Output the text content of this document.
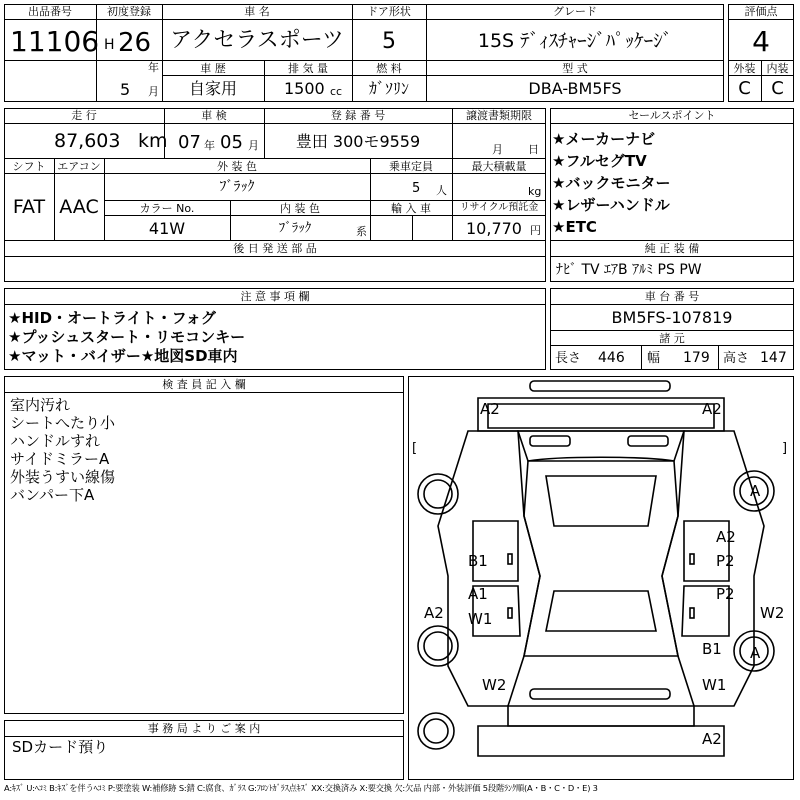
出品番号
11106
初度登録
H 26
年
5 月
車 名
アクセラスポーツ
ドア形状
5
グレード
15S ﾃﾞｨｽﾁｬｰｼﾞﾊﾟｯｹｰｼﾞ
車 歴
自家用
排 気 量
1500 cc
燃 料
ｶﾞｿﾘﾝ
型 式
DBA-BM5FS
評価点
4
外装	内装
C	C
走 行
87,603 km
車 検
07 年 05 月
登 録 番 号
豊田 300モ9559
譲渡書類期限
月 日
シフト
FAT
エアコン
AAC
外 装 色
ﾌﾞﾗｯｸ
乗車定員
5 人
最大積載量
kg
カラー No.
41W
内 装 色
ﾌﾞﾗｯｸ	系
輸 入 車	リサイクル預託金
10,770 円
後 日 発 送 部 品
セールスポイント
★メーカーナビ
★フルセグTV
★バックモニター
★レザーハンドル
★ETC
純 正 装 備
ﾅﾋﾞ TV ｴｱB ｱﾙﾐ PS PW
注 意 事 項 欄
★HID・オートライト・フォグ
★プッシュスタート・リモコンキー
★マット・バイザー★地図SD車内
車 台 番 号
BM5FS-107819
諸 元
長さ 446 幅 179 高さ 147
検 査 員 記 入 欄
室内汚れ
シートへたり小
ハンドルすれ
サイドミラーA
外装うすい線傷
バンパー下A
事 務 局 よ り ご 案 内
SDカード預り
A2	A2
A
B1
A2
P2
A1
W1
P2
A2	W2
B1 A
W2	W1
A2
[	]
A:ｷｽﾞ U:ﾍｺﾐ B:ｷｽﾞを伴うﾍｺﾐ P:要塗装 W:補修跡 S:錆 C:腐食、ｶﾞﾗｽ G:ﾌﾛﾝﾄｶﾞﾗｽ点ｷｽﾞ XX:交換済み X:要交換 欠:欠品 内部・外装評価 5段階ﾗﾝｸ順(A・B・C・D・E) 3
